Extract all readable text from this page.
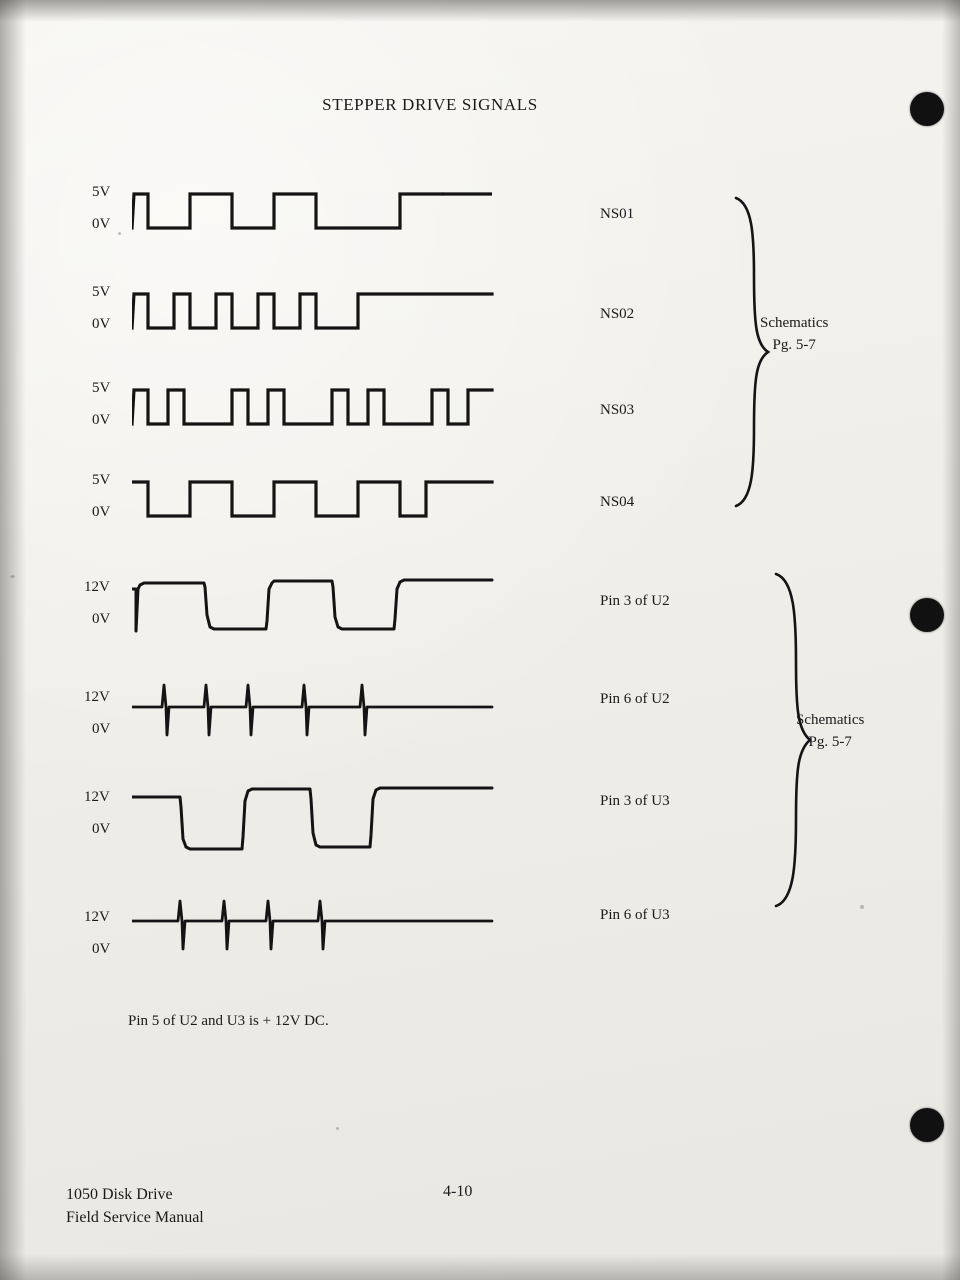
STEPPER DRIVE SIGNALS
5V
0V
NS01
5V
0V
NS02
5V
0V
NS03
5V
0V
NS04
Schematics
Pg. 5-7
12V
0V
Pin 3 of U2
12V
0V
Pin 6 of U2
12V
0V
Pin 3 of U3
12V
0V
Pin 6 of U3
Schematics
Pg. 5-7
Pin 5 of U2 and U3 is + 12V DC.
1050 Disk Drive
Field Service Manual
4-10
